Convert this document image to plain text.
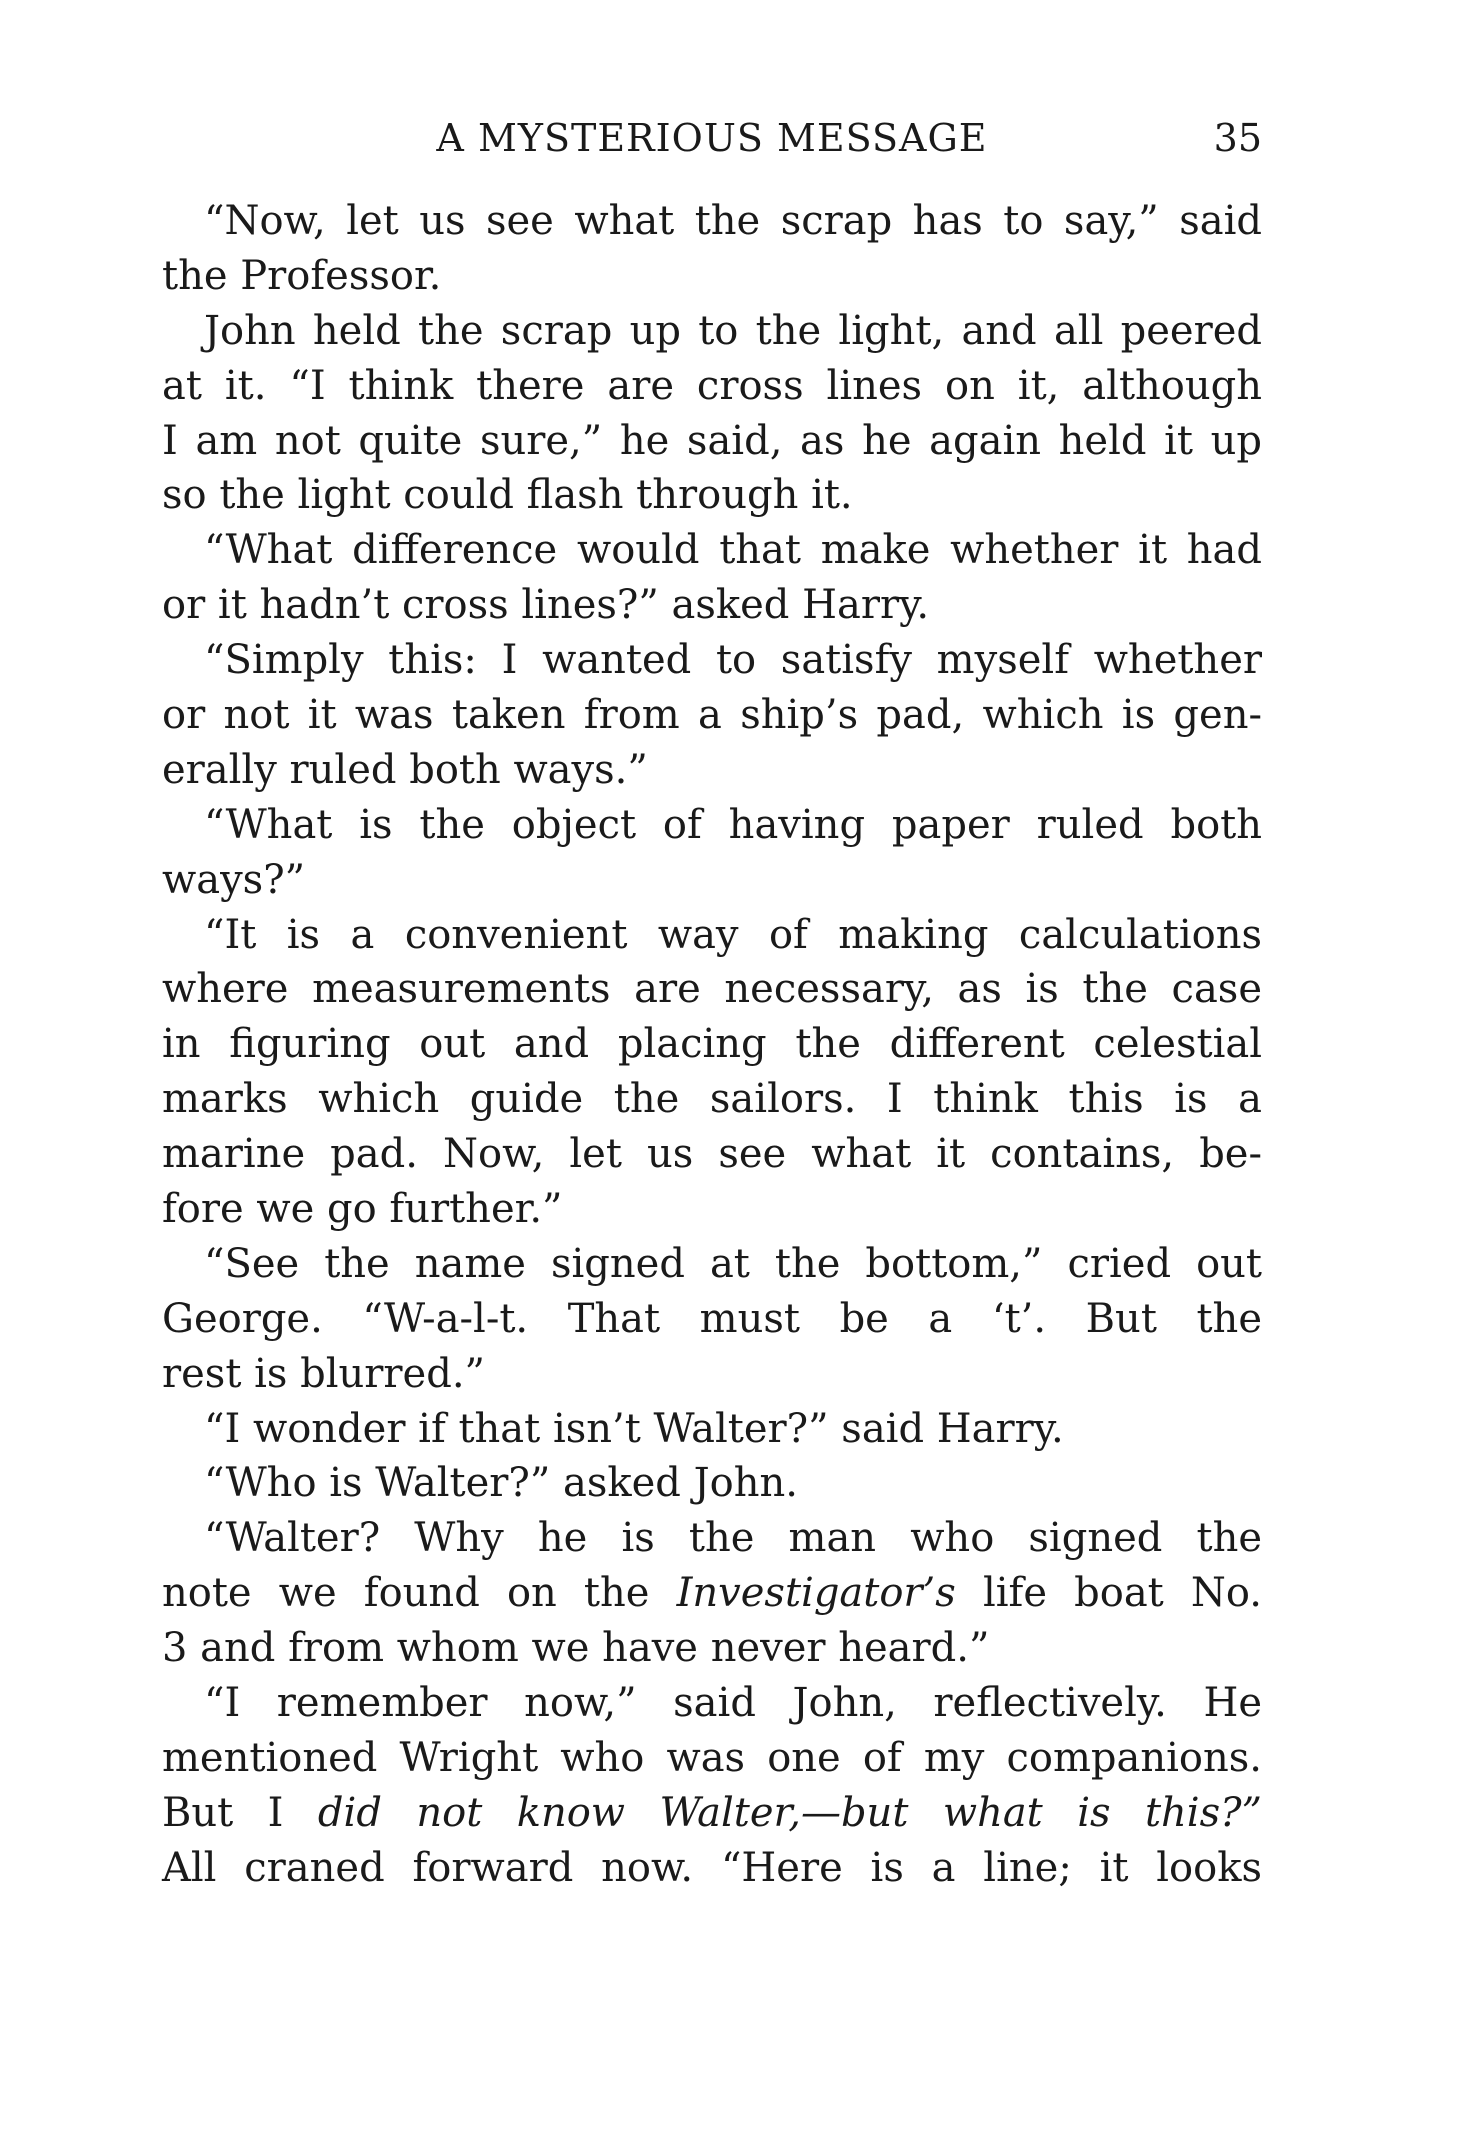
A MYSTERIOUS MESSAGE	35
“Now, let us see what the scrap has to say,” said
the Professor.
John held the scrap up to the light, and all peered
at it. “I think there are cross lines on it, although
I am not quite sure,” he said, as he again held it up
so the light could flash through it.
“What difference would that make whether it had
or it hadn’t cross lines?” asked Harry.
“Simply this: I wanted to satisfy myself whether
or not it was taken from a ship’s pad, which is gen-
erally ruled both ways.”
“What is the object of having paper ruled both
ways?”
“It is a convenient way of making calculations
where measurements are necessary, as is the case
in figuring out and placing the different celestial
marks which guide the sailors. I think this is a
marine pad. Now, let us see what it contains, be-
fore we go further.”
“See the name signed at the bottom,” cried out
George. “W-a-l-t. That must be a ‘t’. But the
rest is blurred.”
“I wonder if that isn’t Walter?” said Harry.
“Who is Walter?” asked John.
“Walter? Why he is the man who signed the
note we found on the Investigator’s life boat No.
3 and from whom we have never heard.”
“I remember now,” said John, reflectively. He
mentioned Wright who was one of my companions.
But I did not know Walter,—but what is this?”
All craned forward now. “Here is a line; it looks
